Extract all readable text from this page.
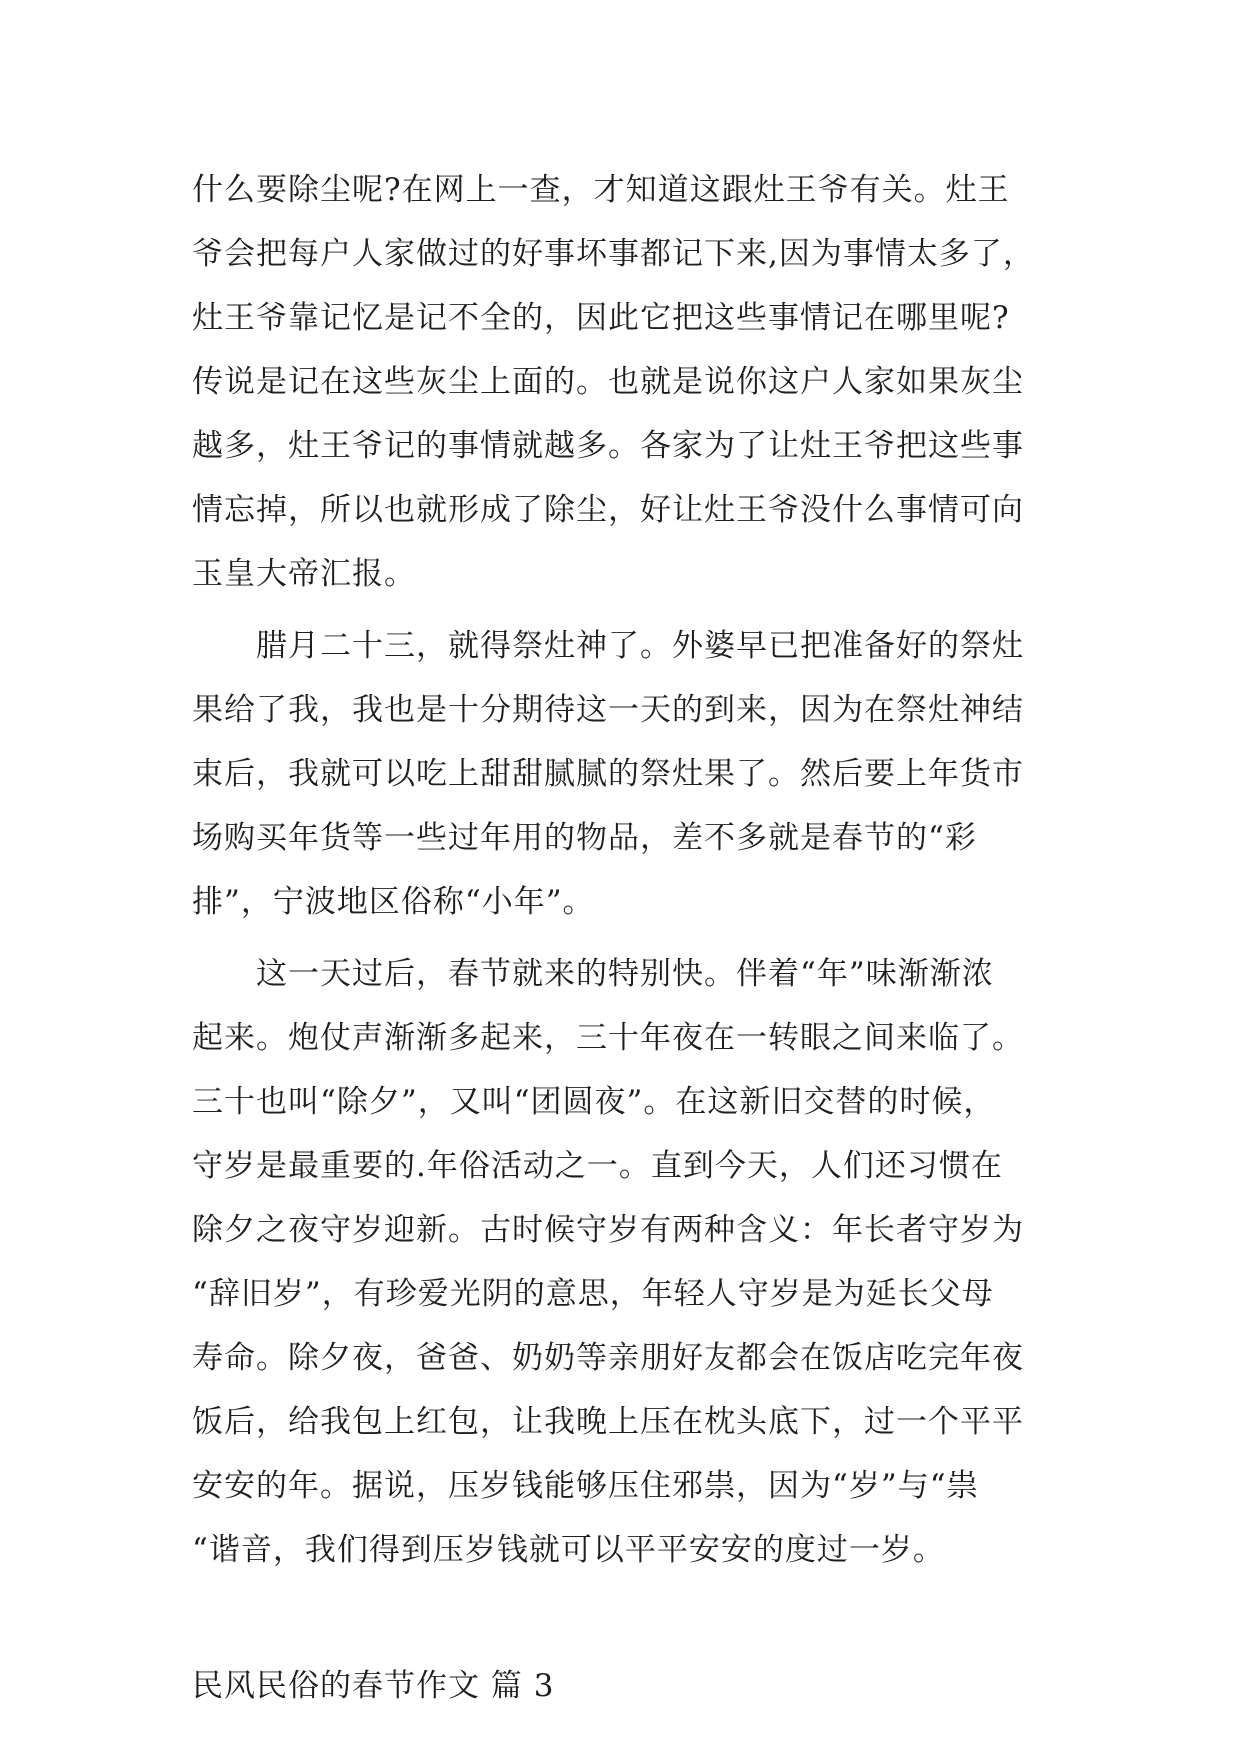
什么要除尘呢?在网上一查，才知道这跟灶王爷有关。灶王
爷会把每户人家做过的好事坏事都记下来,因为事情太多了，
灶王爷靠记忆是记不全的，因此它把这些事情记在哪里呢?
传说是记在这些灰尘上面的。也就是说你这户人家如果灰尘
越多，灶王爷记的事情就越多。各家为了让灶王爷把这些事
情忘掉，所以也就形成了除尘，好让灶王爷没什么事情可向
玉皇大帝汇报。
　　腊月二十三，就得祭灶神了。外婆早已把准备好的祭灶
果给了我，我也是十分期待这一天的到来，因为在祭灶神结
束后，我就可以吃上甜甜腻腻的祭灶果了。然后要上年货市
场购买年货等一些过年用的物品，差不多就是春节的“彩
排”，宁波地区俗称“小年”。
　　这一天过后，春节就来的特别快。伴着“年”味渐渐浓
起来。炮仗声渐渐多起来，三十年夜在一转眼之间来临了。
三十也叫“除夕”，又叫“团圆夜”。在这新旧交替的时候，
守岁是最重要的.年俗活动之一。直到今天，人们还习惯在
除夕之夜守岁迎新。古时候守岁有两种含义：年长者守岁为
“辞旧岁”，有珍爱光阴的意思，年轻人守岁是为延长父母
寿命。除夕夜，爸爸、奶奶等亲朋好友都会在饭店吃完年夜
饭后，给我包上红包，让我晚上压在枕头底下，过一个平平
安安的年。据说，压岁钱能够压住邪祟，因为“岁”与“祟
“谐音，我们得到压岁钱就可以平平安安的度过一岁。
民风民俗的春节作文 篇 3
